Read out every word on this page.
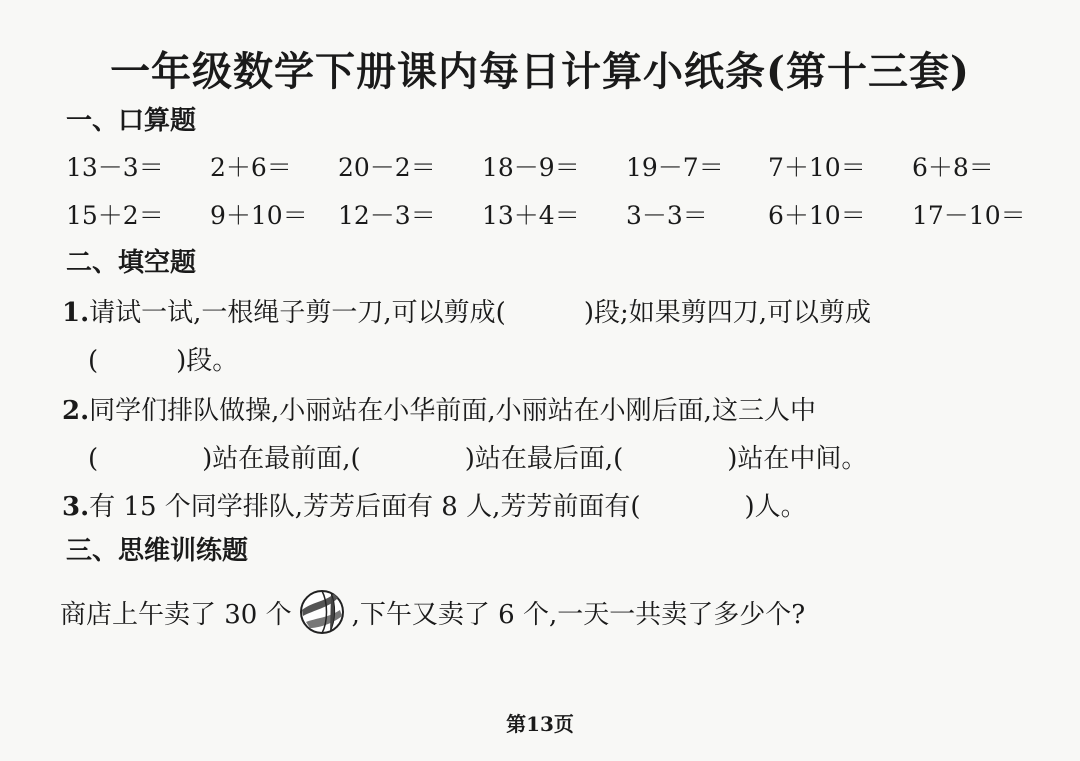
一年级数学下册课内每日计算小纸条(第十三套)
一、口算题
13－3＝ 2＋6＝ 20－2＝ 18－9＝ 19－7＝ 7＋10＝ 6＋8＝
15＋2＝ 9＋10＝ 12－3＝ 13＋4＝ 3－3＝ 6＋10＝ 17－10＝
二、填空题
1.请试一试,一根绳子剪一刀,可以剪成(　　　)段;如果剪四刀,可以剪成
(　　　)段。
2.同学们排队做操,小丽站在小华前面,小丽站在小刚后面,这三人中
(　　　　)站在最前面,(　　　　)站在最后面,(　　　　)站在中间。
3.有 15 个同学排队,芳芳后面有 8 人,芳芳前面有(　　　　)人。
三、思维训练题
商店上午卖了 30 个 ,下午又卖了 6 个,一天一共卖了多少个?
第13页
